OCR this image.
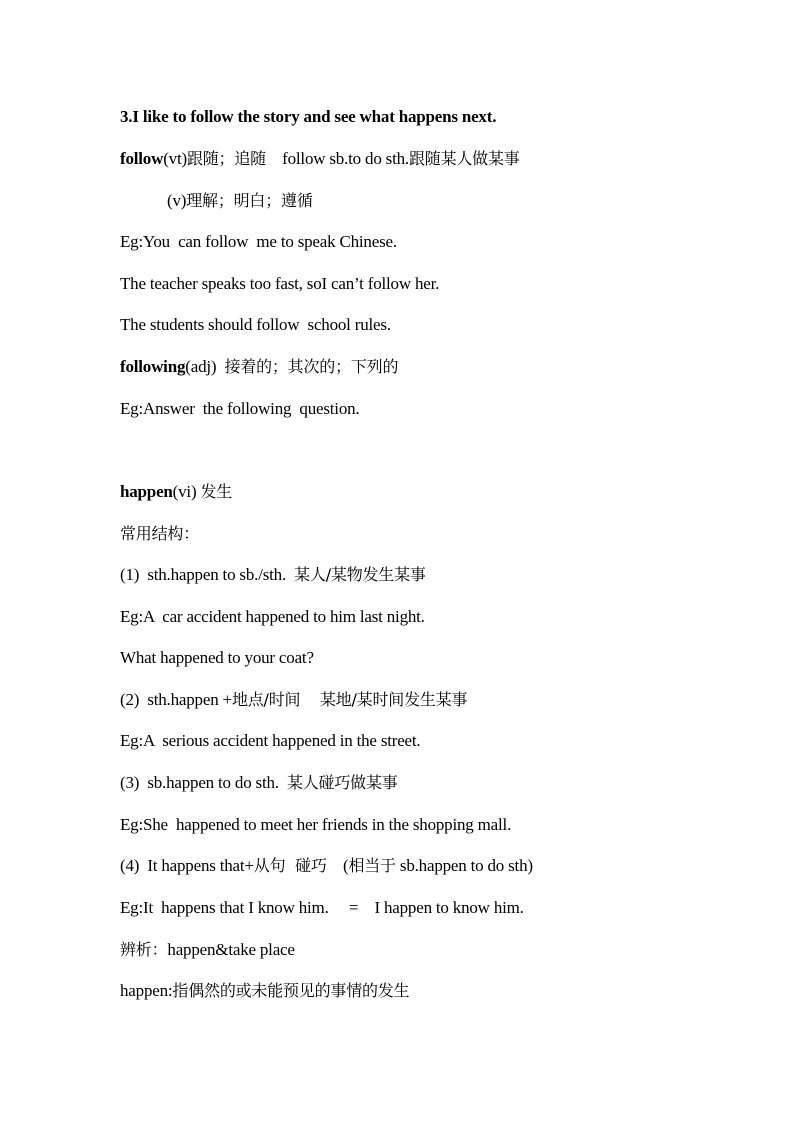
3.I like to follow the story and see what happens next.
follow(vt)跟随；追随    follow sb.to do sth.跟随某人做某事
(v)理解；明白；遵循
Eg:You  can follow  me to speak Chinese.
The teacher speaks too fast, soI can’t follow her.
The students should follow  school rules.
following(adj)  接着的；其次的；下列的
Eg:Answer  the following  question.
happen(vi) 发生
常用结构：
(1)  sth.happen to sb./sth.  某人/某物发生某事
Eg:A  car accident happened to him last night.
What happened to your coat?
(2)  sth.happen +地点/时间    某地/某时间发生某事
Eg:A  serious accident happened in the street.
(3)  sb.happen to do sth.  某人碰巧做某事
Eg:She  happened to meet her friends in the shopping mall.
(4)  It happens that+从句  碰巧    (相当于 sb.happen to do sth)
Eg:It  happens that I know him.     =    I happen to know him.
辨析：happen&take place
happen:指偶然的或未能预见的事情的发生
